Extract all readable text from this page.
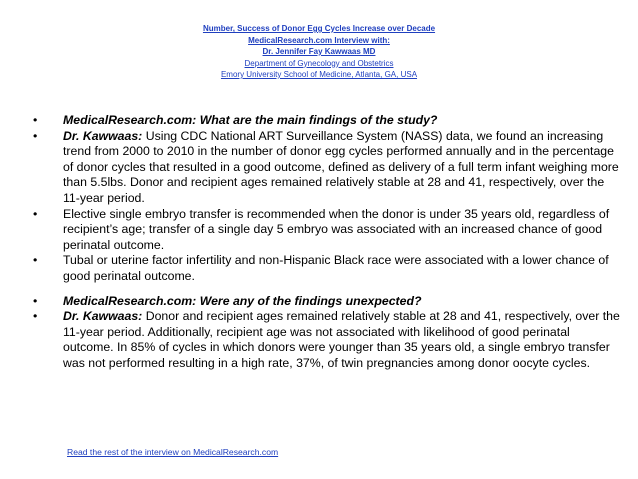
Number, Success of Donor Egg Cycles Increase over Decade
MedicalResearch.com Interview with:
Dr. Jennifer Fay Kawwaas MD
Department of Gynecology and Obstetrics
Emory University School of Medicine, Atlanta, GA, USA
• MedicalResearch.com: What are the main findings of the study?
• Dr. Kawwaas: Using CDC National ART Surveillance System (NASS) data, we found an increasing trend from 2000 to 2010 in the number of donor egg cycles performed annually and in the percentage of donor cycles that resulted in a good outcome, defined as delivery of a full term infant weighing more than 5.5lbs. Donor and recipient ages remained relatively stable at 28 and 41, respectively, over the 11-year period.
• Elective single embryo transfer is recommended when the donor is under 35 years old, regardless of recipient’s age; transfer of a single day 5 embryo was associated with an increased chance of good perinatal outcome.
• Tubal or uterine factor infertility and non-Hispanic Black race were associated with a lower chance of good perinatal outcome.
• MedicalResearch.com: Were any of the findings unexpected?
• Dr. Kawwaas: Donor and recipient ages remained relatively stable at 28 and 41, respectively, over the 11-year period. Additionally, recipient age was not associated with likelihood of good perinatal outcome. In 85% of cycles in which donors were younger than 35 years old, a single embryo transfer was not performed resulting in a high rate, 37%, of twin pregnancies among donor oocyte cycles.
Read the rest of the interview on MedicalResearch.com
